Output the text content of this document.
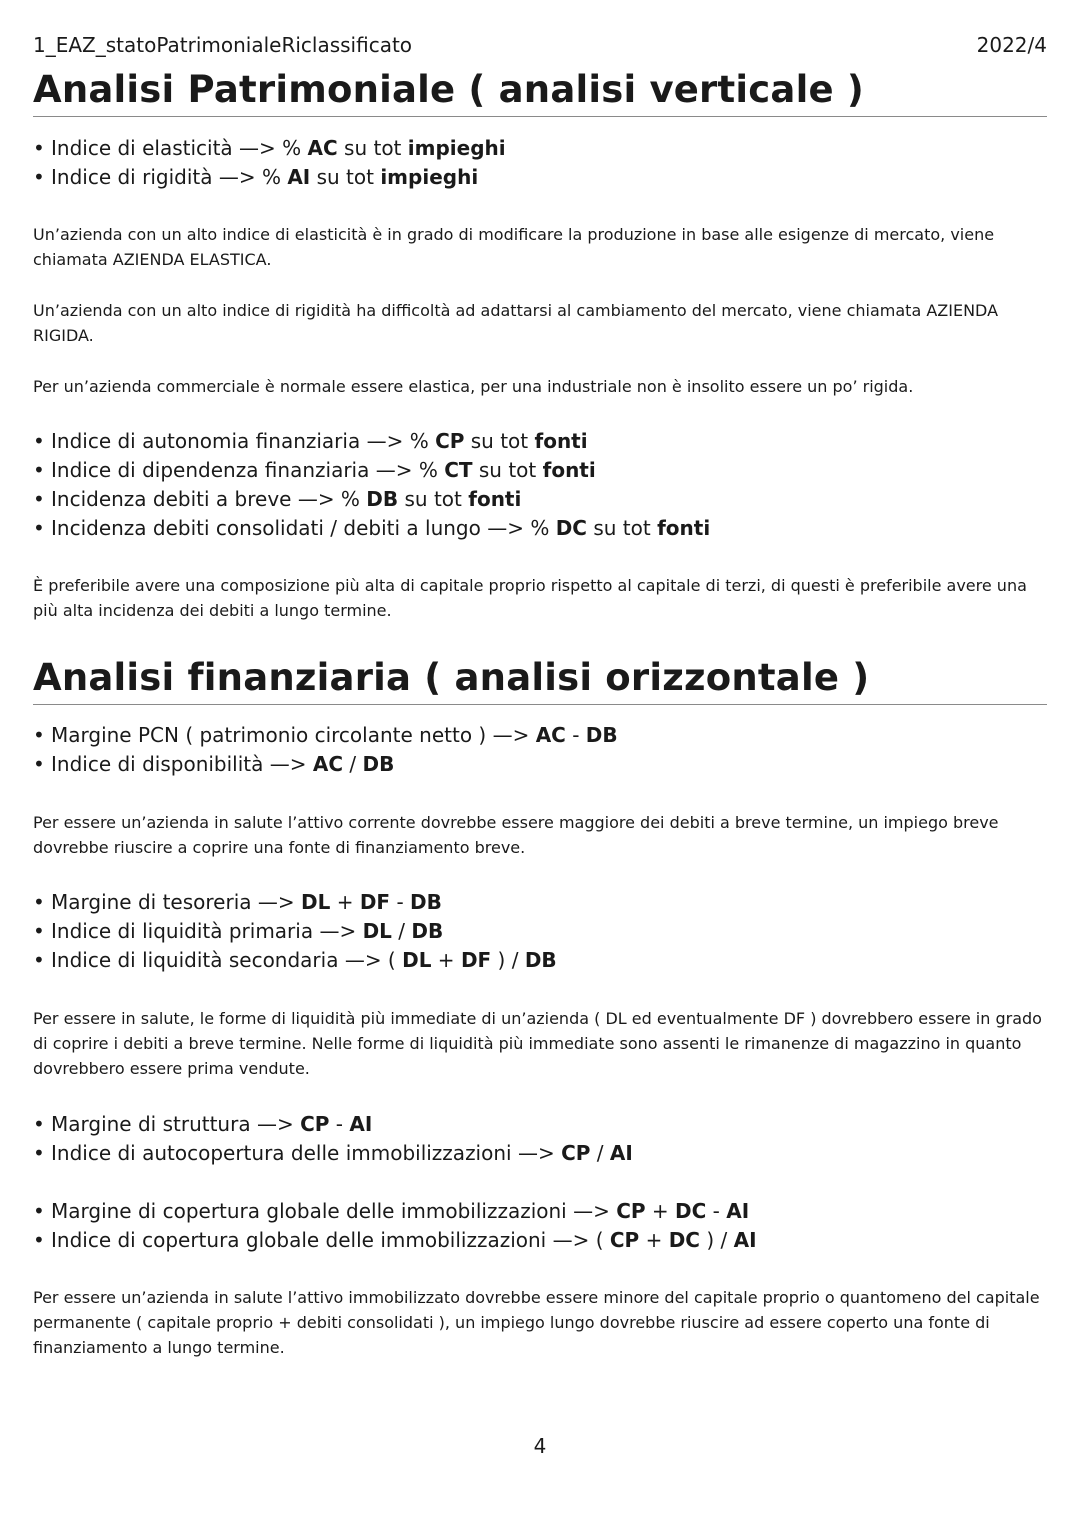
1_EAZ_statoPatrimonialeRiclassificato	2022/4
Analisi Patrimoniale ( analisi verticale )
• Indice di elasticità —> % AC su tot impieghi
• Indice di rigidità —> % AI su tot impieghi

Un’azienda con un alto indice di elasticità è in grado di modificare la produzione in base alle esigenze di mercato, viene chiamata AZIENDA ELASTICA.

Un’azienda con un alto indice di rigidità ha difficoltà ad adattarsi al cambiamento del mercato, viene chiamata AZIENDA RIGIDA.

Per un’azienda commerciale è normale essere elastica, per una industriale non è insolito essere un po’ rigida.

• Indice di autonomia finanziaria —> % CP su tot fonti
• Indice di dipendenza finanziaria —> % CT su tot fonti
• Incidenza debiti a breve —> % DB su tot fonti
• Incidenza debiti consolidati / debiti a lungo —> % DC su tot fonti

È preferibile avere una composizione più alta di capitale proprio rispetto al capitale di terzi, di questi è preferibile avere una più alta incidenza dei debiti a lungo termine.

Analisi finanziaria ( analisi orizzontale )
• Margine PCN ( patrimonio circolante netto ) —> AC - DB
• Indice di disponibilità —> AC / DB

Per essere un’azienda in salute l’attivo corrente dovrebbe essere maggiore dei debiti a breve termine, un impiego breve dovrebbe riuscire a coprire una fonte di finanziamento breve.

• Margine di tesoreria —> DL + DF - DB
• Indice di liquidità primaria —> DL / DB
• Indice di liquidità secondaria —> ( DL + DF ) / DB

Per essere in salute, le forme di liquidità più immediate di un’azienda ( DL ed eventualmente DF ) dovrebbero essere in grado di coprire i debiti a breve termine. Nelle forme di liquidità più immediate sono assenti le rimanenze di magazzino in quanto dovrebbero essere prima vendute.

• Margine di struttura —> CP - AI
• Indice di autocopertura delle immobilizzazioni —> CP / AI
• Margine di copertura globale delle immobilizzazioni —> CP + DC - AI
• Indice di copertura globale delle immobilizzazioni —> ( CP + DC ) / AI

Per essere un’azienda in salute l’attivo immobilizzato dovrebbe essere minore del capitale proprio o quantomeno del capitale permanente ( capitale proprio + debiti consolidati ), un impiego lungo dovrebbe riuscire ad essere coperto una fonte di finanziamento a lungo termine.

4
